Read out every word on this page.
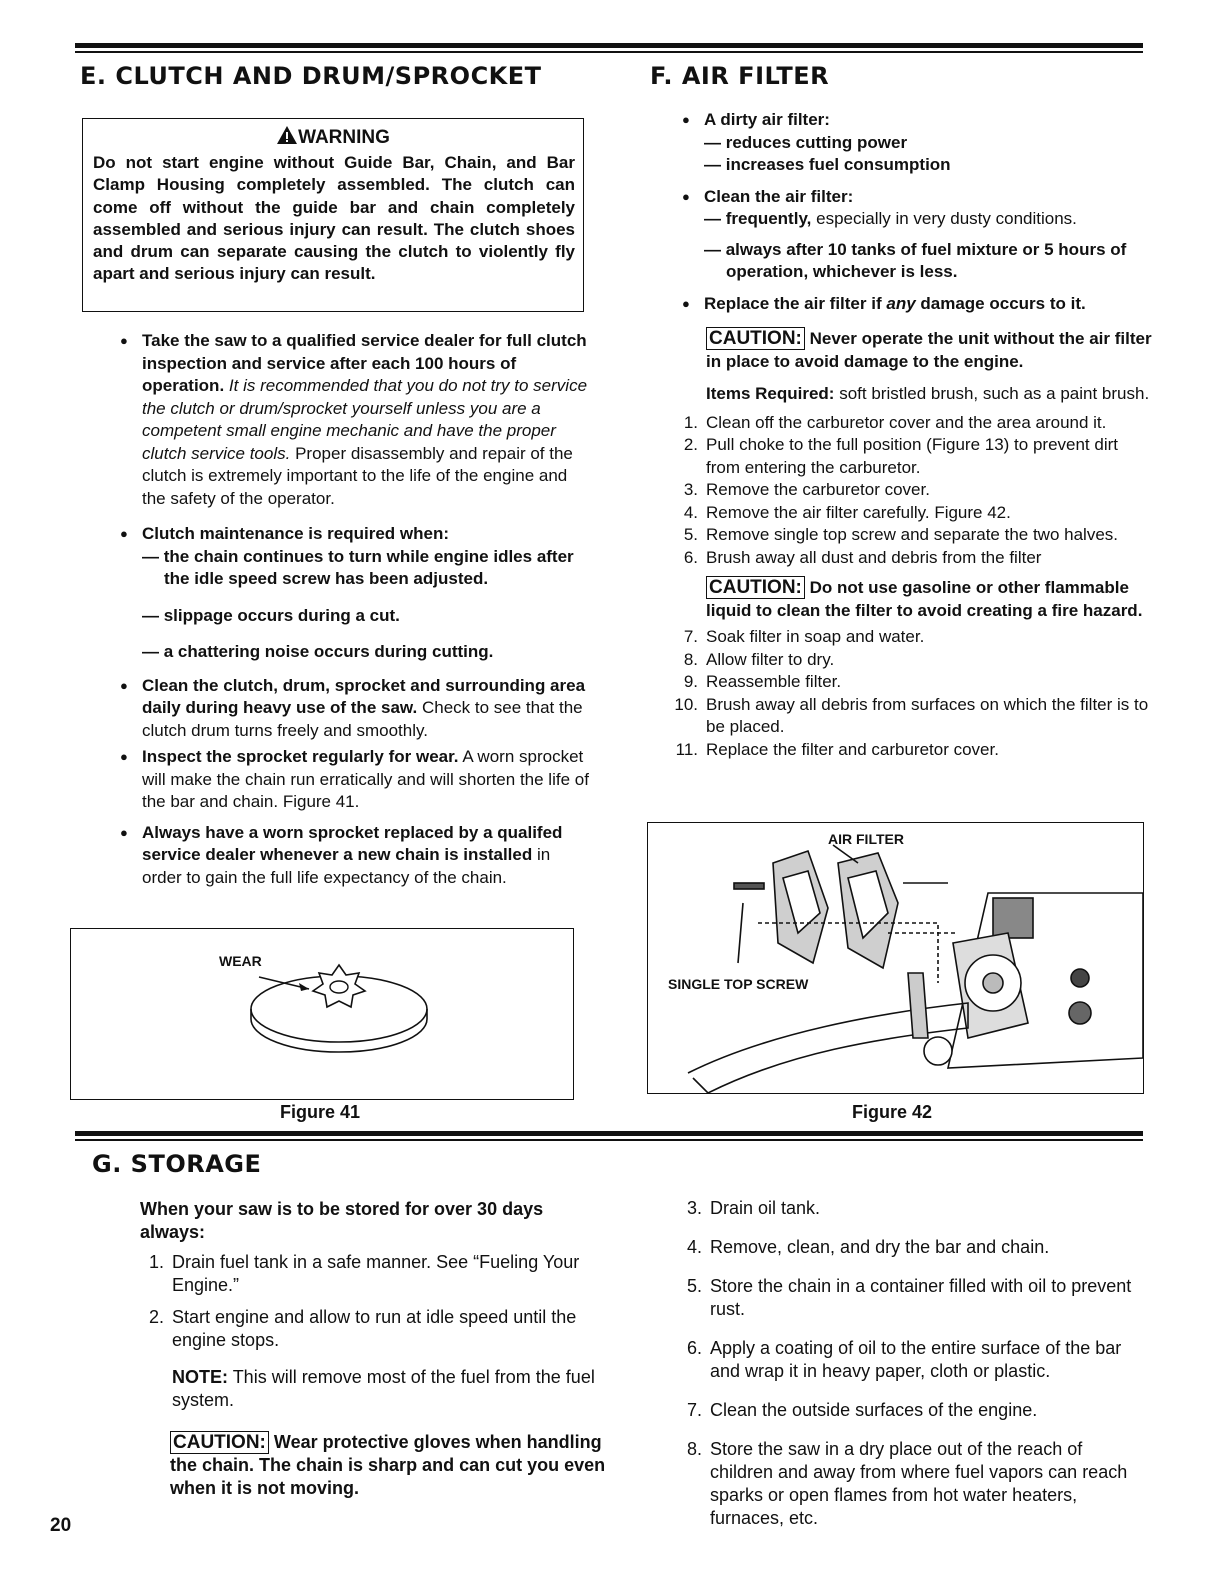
E. CLUTCH AND DRUM/SPROCKET
WARNING

Do not start engine without Guide Bar, Chain, and Bar Clamp Housing completely assembled. The clutch can come off without the guide bar and chain completely assembled and serious injury can result. The clutch shoes and drum can separate causing the clutch to violently fly apart and serious injury can result.

● Take the saw to a qualified service dealer for full clutch inspection and service after each 100 hours of operation. It is recommended that you do not try to service the clutch or drum/sprocket yourself unless you are a competent small engine mechanic and have the proper clutch service tools. Proper disassembly and repair of the clutch is extremely important to the life of the engine and the safety of the operator.
● Clutch maintenance is required when:
— the chain continues to turn while engine idles after the idle speed screw has been adjusted.
— slippage occurs during a cut.
— a chattering noise occurs during cutting.
● Clean the clutch, drum, sprocket and surrounding area daily during heavy use of the saw. Check to see that the clutch drum turns freely and smoothly.
● Inspect the sprocket regularly for wear. A worn sprocket will make the chain run erratically and will shorten the life of the bar and chain. Figure 41.
● Always have a worn sprocket replaced by a qualifed service dealer whenever a new chain is installed in order to gain the full life expectancy of the chain.
WEAR
Figure 41
F. AIR FILTER
● A dirty air filter:
— reduces cutting power
— increases fuel consumption
● Clean the air filter:
— frequently, especially in very dusty conditions.
— always after 10 tanks of fuel mixture or 5 hours of operation, whichever is less.
● Replace the air filter if any damage occurs to it.
CAUTION: Never operate the unit without the air filter in place to avoid damage to the engine.
Items Required: soft bristled brush, such as a paint brush.
1. Clean off the carburetor cover and the area around it.
2. Pull choke to the full position (Figure 13) to prevent dirt from entering the carburetor.
3. Remove the carburetor cover.
4. Remove the air filter carefully. Figure 42.
5. Remove single top screw and separate the two halves.
6. Brush away all dust and debris from the filter
CAUTION: Do not use gasoline or other flammable liquid to clean the filter to avoid creating a fire hazard.
7. Soak filter in soap and water.
8. Allow filter to dry.
9. Reassemble filter.
10. Brush away all debris from surfaces on which the filter is to be placed.
11. Replace the filter and carburetor cover.
AIR FILTER
SINGLE TOP SCREW
Figure 42
G. STORAGE

When your saw is to be stored for over 30 days always:

1. Drain fuel tank in a safe manner. See “Fueling Your Engine.”
2. Start engine and allow to run at idle speed until the engine stops.
NOTE: This will remove most of the fuel from the fuel system.
CAUTION: Wear protective gloves when handling the chain. The chain is sharp and can cut you even when it is not moving.
3. Drain oil tank.
4. Remove, clean, and dry the bar and chain.
5. Store the chain in a container filled with oil to prevent rust.
6. Apply a coating of oil to the entire surface of the bar and wrap it in heavy paper, cloth or plastic.
7. Clean the outside surfaces of the engine.
8. Store the saw in a dry place out of the reach of children and away from where fuel vapors can reach sparks or open flames from hot water heaters, furnaces, etc.
20
